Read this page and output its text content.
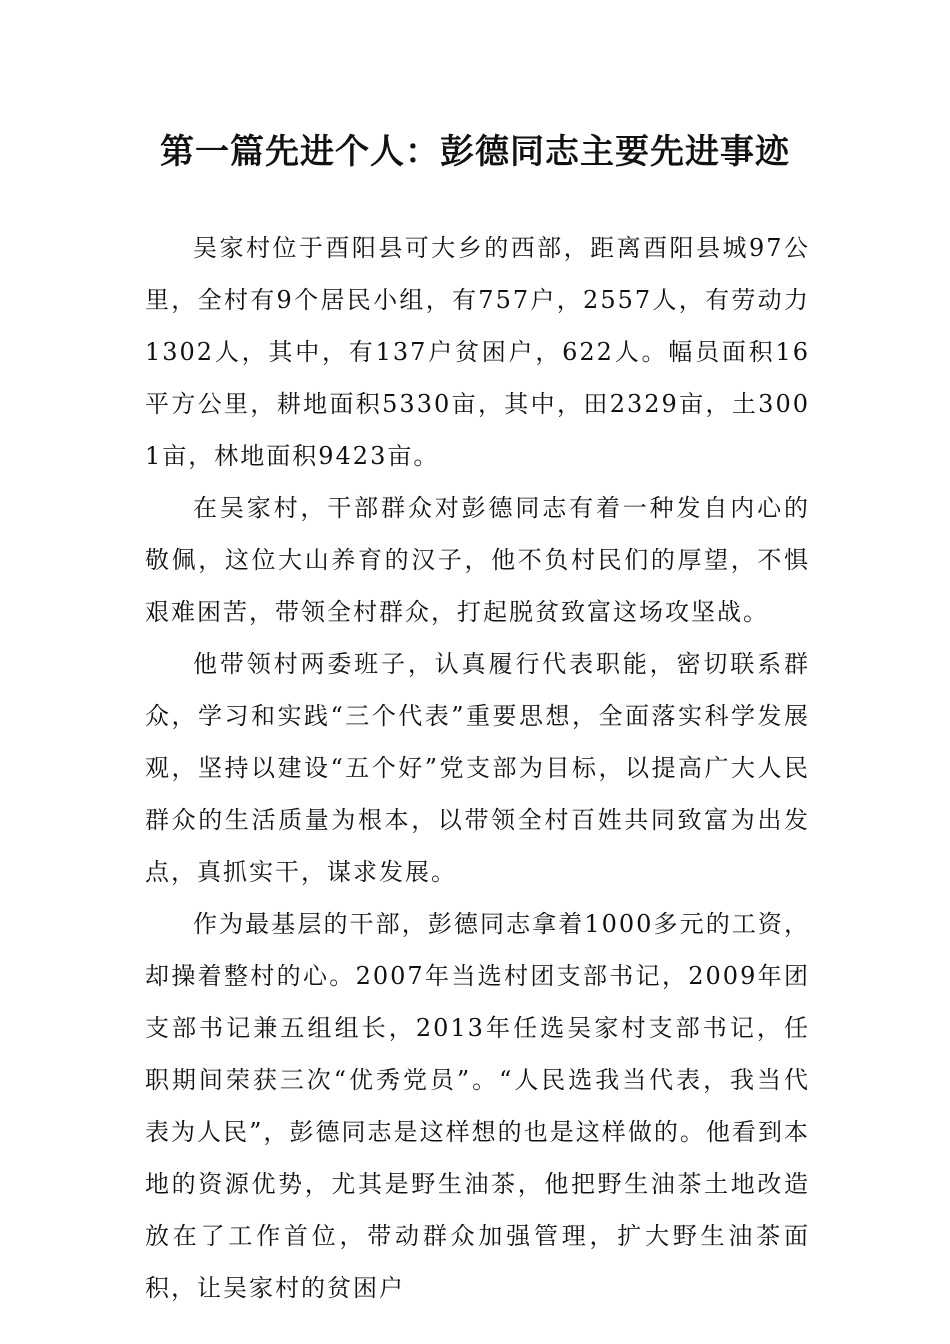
第一篇先进个人：彭德同志主要先进事迹

吴家村位于酉阳县可大乡的西部，距离酉阳县城97公里，全村有9个居民小组，有757户，2557人，有劳动力1302人，其中，有137户贫困户，622人。幅员面积16平方公里，耕地面积5330亩，其中，田2329亩，土3001亩，林地面积9423亩。

在吴家村，干部群众对彭德同志有着一种发自内心的敬佩，这位大山养育的汉子，他不负村民们的厚望，不惧艰难困苦，带领全村群众，打起脱贫致富这场攻坚战。

他带领村两委班子，认真履行代表职能，密切联系群众，学习和实践“三个代表”重要思想，全面落实科学发展观，坚持以建设“五个好”党支部为目标，以提高广大人民群众的生活质量为根本，以带领全村百姓共同致富为出发点，真抓实干，谋求发展。

作为最基层的干部，彭德同志拿着1000多元的工资，却操着整村的心。2007年当选村团支部书记，2009年团支部书记兼五组组长，2013年任选吴家村支部书记，任职期间荣获三次“优秀党员”。“人民选我当代表，我当代表为人民”，彭德同志是这样想的也是这样做的。他看到本地的资源优势，尤其是野生油茶，他把野生油茶土地改造放在了工作首位，带动群众加强管理，扩大野生油茶面积，让吴家村的贫困户
